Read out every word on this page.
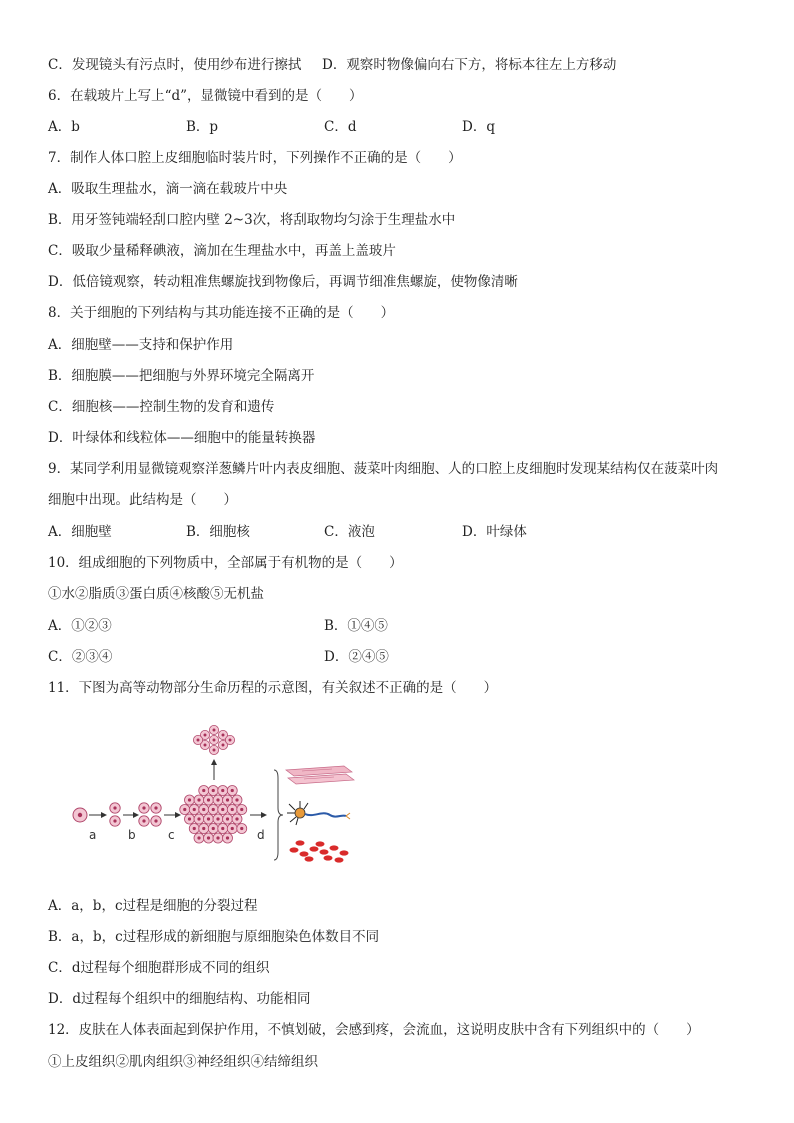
C．发现镜头有污点时，使用纱布进行擦拭 D．观察时物像偏向右下方，将标本往左上方移动
6．在载玻片上写上“d”，显微镜中看到的是（　　）
A．b	B．p	C．d	D．q
7．制作人体口腔上皮细胞临时装片时，下列操作不正确的是（　　）
A．吸取生理盐水，滴一滴在载玻片中央
B．用牙签钝端轻刮口腔内壁 2~3次，将刮取物均匀涂于生理盐水中
C．吸取少量稀释碘液，滴加在生理盐水中，再盖上盖玻片
D．低倍镜观察，转动粗准焦螺旋找到物像后，再调节细准焦螺旋，使物像清晰
8．关于细胞的下列结构与其功能连接不正确的是（　　）
A．细胞壁——支持和保护作用
B．细胞膜——把细胞与外界环境完全隔离开
C．细胞核——控制生物的发育和遗传
D．叶绿体和线粒体——细胞中的能量转换器
9．某同学利用显微镜观察洋葱鳞片叶内表皮细胞、菠菜叶肉细胞、人的口腔上皮细胞时发现某结构仅在菠菜叶肉
细胞中出现。此结构是（　　）
A．细胞壁	B．细胞核	C．液泡	D．叶绿体
10．组成细胞的下列物质中，全部属于有机物的是（　　）
①水②脂质③蛋白质④核酸⑤无机盐
A．①②③	B．①④⑤
C．②③④	D．②④⑤
11．下图为高等动物部分生命历程的示意图，有关叙述不正确的是（　　）
a	b	c	d
A．a，b，c过程是细胞的分裂过程
B．a，b，c过程形成的新细胞与原细胞染色体数目不同
C．d过程每个细胞群形成不同的组织
D．d过程每个组织中的细胞结构、功能相同
12．皮肤在人体表面起到保护作用，不慎划破，会感到疼，会流血，这说明皮肤中含有下列组织中的（　　）
①上皮组织②肌肉组织③神经组织④结缔组织
